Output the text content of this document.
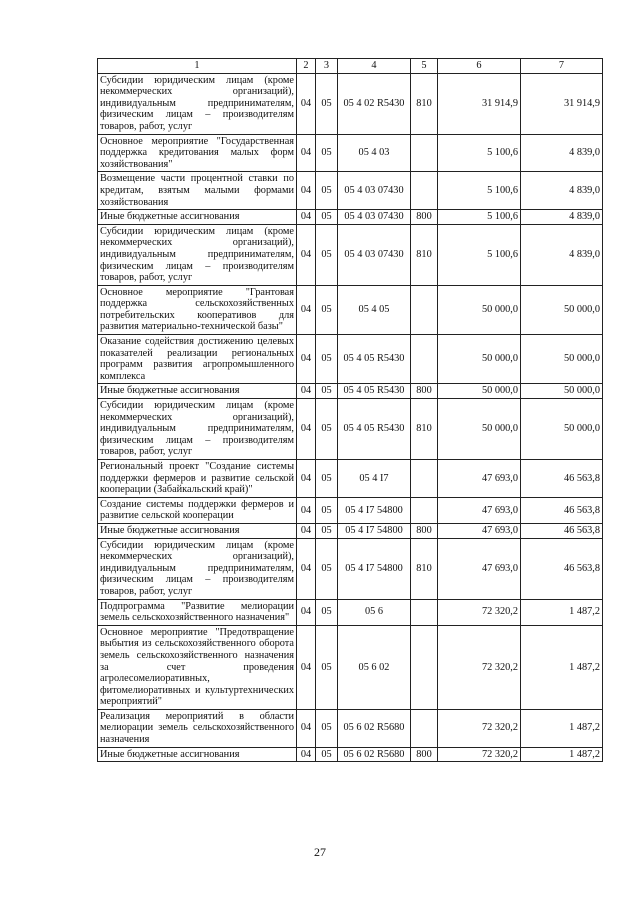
1	2	3	4	5	6	7
Субсидии юридическим лицам (кроме некоммерческих организаций), индивидуальным предпринимателям, физическим лицам – производителям товаров, работ, услуг	04	05	05 4 02 R5430	810	31 914,9	31 914,9
Основное мероприятие "Государственная поддержка кредитования малых форм хозяйствования"	04	05	05 4 03		5 100,6	4 839,0
Возмещение части процентной ставки по кредитам, взятым малыми формами хозяйствования	04	05	05 4 03 07430		5 100,6	4 839,0
Иные бюджетные ассигнования	04	05	05 4 03 07430	800	5 100,6	4 839,0
Субсидии юридическим лицам (кроме некоммерческих организаций), индивидуальным предпринимателям, физическим лицам – производителям товаров, работ, услуг	04	05	05 4 03 07430	810	5 100,6	4 839,0
Основное мероприятие "Грантовая поддержка сельскохозяйственных потребительских кооперативов для развития материально-технической базы"	04	05	05 4 05		50 000,0	50 000,0
Оказание содействия достижению целевых показателей реализации региональных программ развития агропромышленного комплекса	04	05	05 4 05 R5430		50 000,0	50 000,0
Иные бюджетные ассигнования	04	05	05 4 05 R5430	800	50 000,0	50 000,0
Субсидии юридическим лицам (кроме некоммерческих организаций), индивидуальным предпринимателям, физическим лицам – производителям товаров, работ, услуг	04	05	05 4 05 R5430	810	50 000,0	50 000,0
Региональный проект "Создание системы поддержки фермеров и развитие сельской кооперации (Забайкальский край)"	04	05	05 4 I7		47 693,0	46 563,8
Создание системы поддержки фермеров и развитие сельской кооперации	04	05	05 4 I7 54800		47 693,0	46 563,8
Иные бюджетные ассигнования	04	05	05 4 I7 54800	800	47 693,0	46 563,8
Субсидии юридическим лицам (кроме некоммерческих организаций), индивидуальным предпринимателям, физическим лицам – производителям товаров, работ, услуг	04	05	05 4 I7 54800	810	47 693,0	46 563,8
Подпрограмма "Развитие мелиорации земель сельскохозяйственного назначения"	04	05	05 6		72 320,2	1 487,2
Основное мероприятие "Предотвращение выбытия из сельскохозяйственного оборота земель сельскохозяйственного назначения за счет проведения агролесомелиоративных, фитомелиоративных и культуртехнических мероприятий"	04	05	05 6 02		72 320,2	1 487,2
Реализация мероприятий в области мелиорации земель сельскохозяйственного назначения	04	05	05 6 02 R5680		72 320,2	1 487,2
Иные бюджетные ассигнования	04	05	05 6 02 R5680	800	72 320,2	1 487,2
27
